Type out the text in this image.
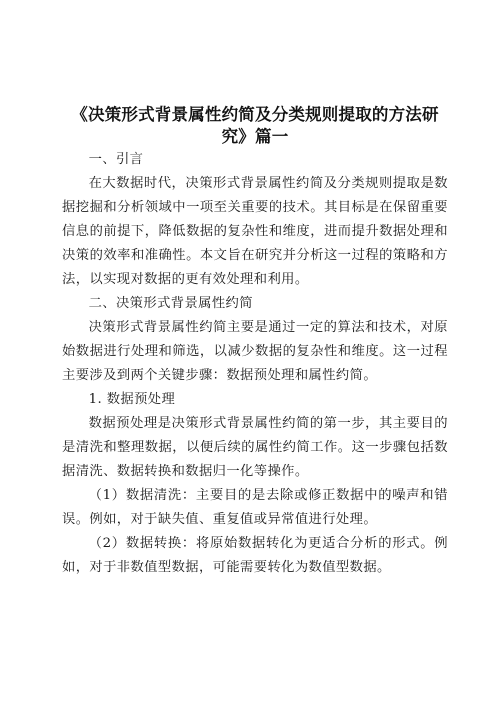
《决策形式背景属性约简及分类规则提取的方法研究》篇一

一、引言

在大数据时代，决策形式背景属性约简及分类规则提取是数据挖掘和分析领域中一项至关重要的技术。其目标是在保留重要信息的前提下，降低数据的复杂性和维度，进而提升数据处理和决策的效率和准确性。本文旨在研究并分析这一过程的策略和方法，以实现对数据的更有效处理和利用。

二、决策形式背景属性约简

决策形式背景属性约简主要是通过一定的算法和技术，对原始数据进行处理和筛选，以减少数据的复杂性和维度。这一过程主要涉及到两个关键步骤：数据预处理和属性约简。

1. 数据预处理

数据预处理是决策形式背景属性约简的第一步，其主要目的是清洗和整理数据，以便后续的属性约简工作。这一步骤包括数据清洗、数据转换和数据归一化等操作。

（1）数据清洗：主要目的是去除或修正数据中的噪声和错误。例如，对于缺失值、重复值或异常值进行处理。

（2）数据转换：将原始数据转化为更适合分析的形式。例如，对于非数值型数据，可能需要转化为数值型数据。
